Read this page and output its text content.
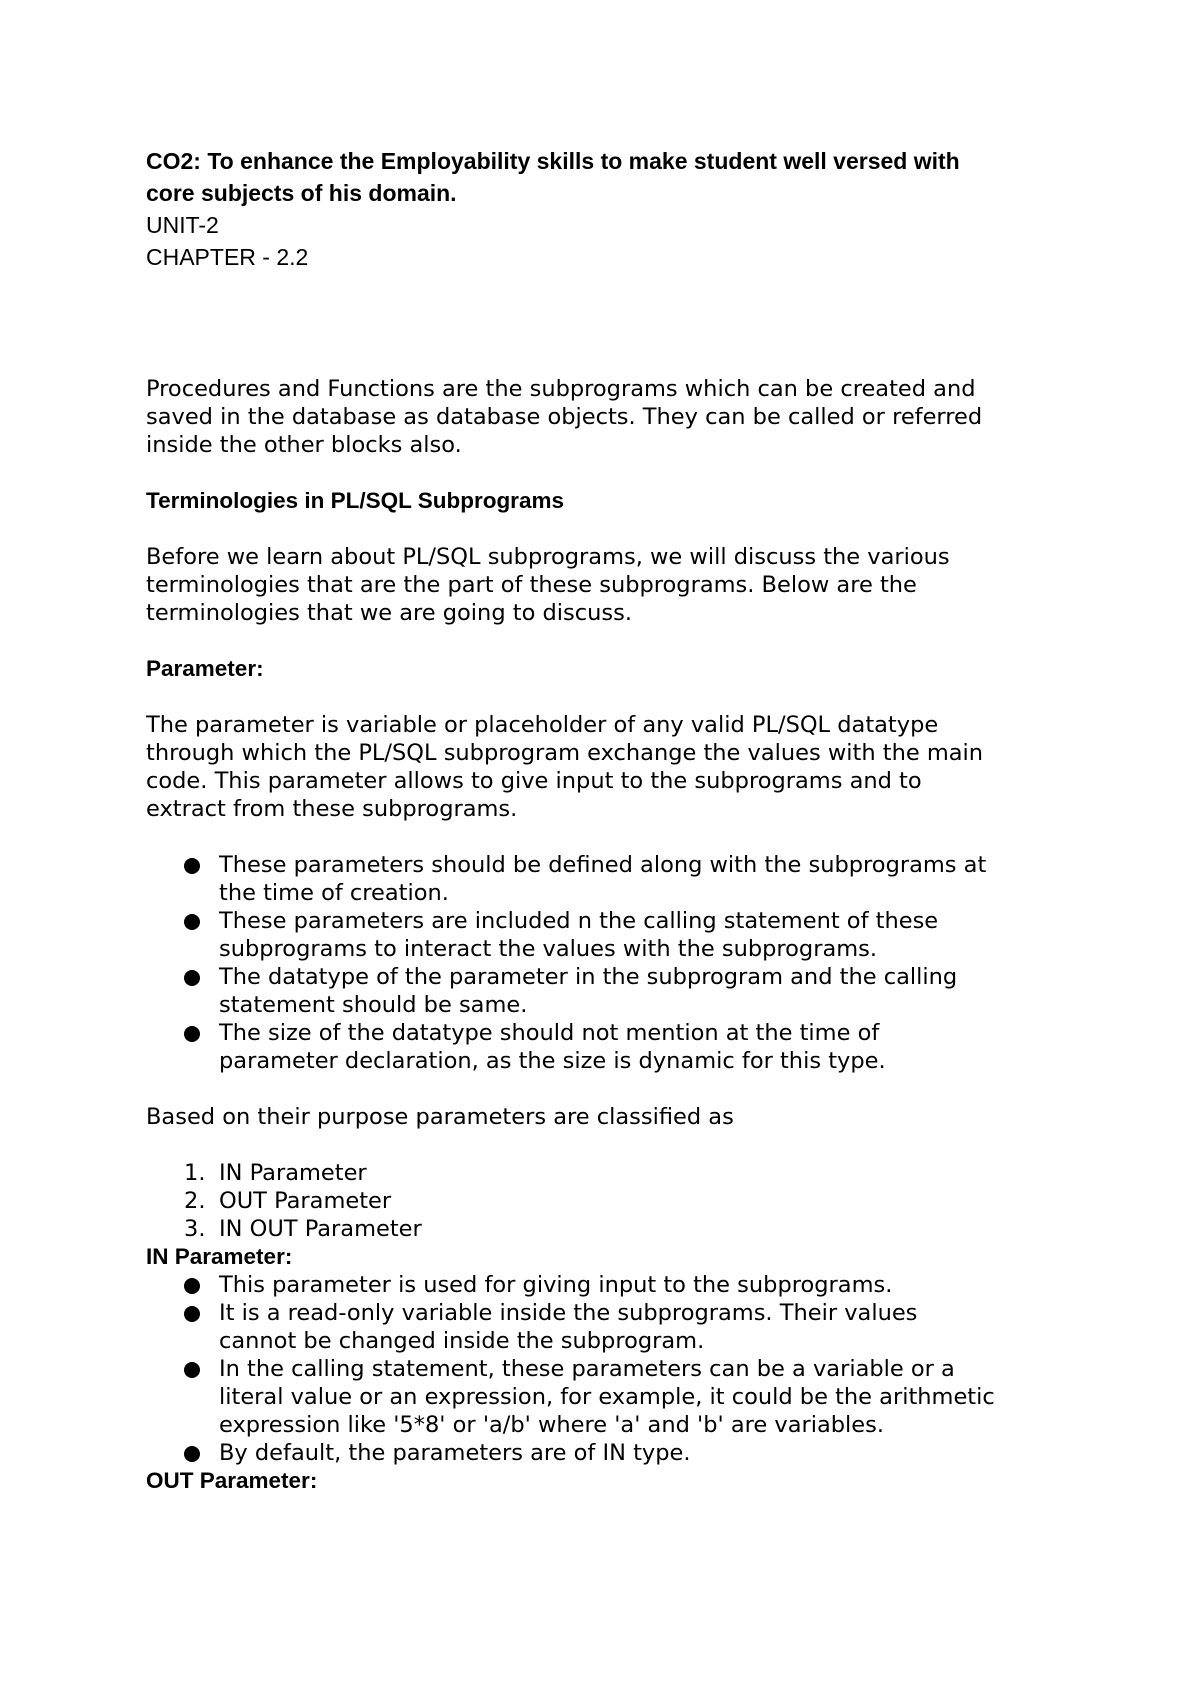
CO2: To enhance the Employability skills to make student well versed with

core subjects of his domain.

UNIT-2

CHAPTER - 2.2

Procedures and Functions are the subprograms which can be created and

saved in the database as database objects. They can be called or referred

inside the other blocks also.

Terminologies in PL/SQL Subprograms

Before we learn about PL/SQL subprograms, we will discuss the various

terminologies that are the part of these subprograms. Below are the

terminologies that we are going to discuss.

Parameter:

The parameter is variable or placeholder of any valid PL/SQL datatype

through which the PL/SQL subprogram exchange the values with the main

code. This parameter allows to give input to the subprograms and to

extract from these subprograms.

These parameters should be defined along with the subprograms at
the time of creation.
These parameters are included n the calling statement of these
subprograms to interact the values with the subprograms.
The datatype of the parameter in the subprogram and the calling
statement should be same.
The size of the datatype should not mention at the time of
parameter declaration, as the size is dynamic for this type.

Based on their purpose parameters are classified as

1. IN Parameter
2. OUT Parameter
3. IN OUT Parameter

IN Parameter:

This parameter is used for giving input to the subprograms.
It is a read-only variable inside the subprograms. Their values
cannot be changed inside the subprogram.
In the calling statement, these parameters can be a variable or a
literal value or an expression, for example, it could be the arithmetic
expression like '5*8' or 'a/b' where 'a' and 'b' are variables.
By default, the parameters are of IN type.

OUT Parameter:
